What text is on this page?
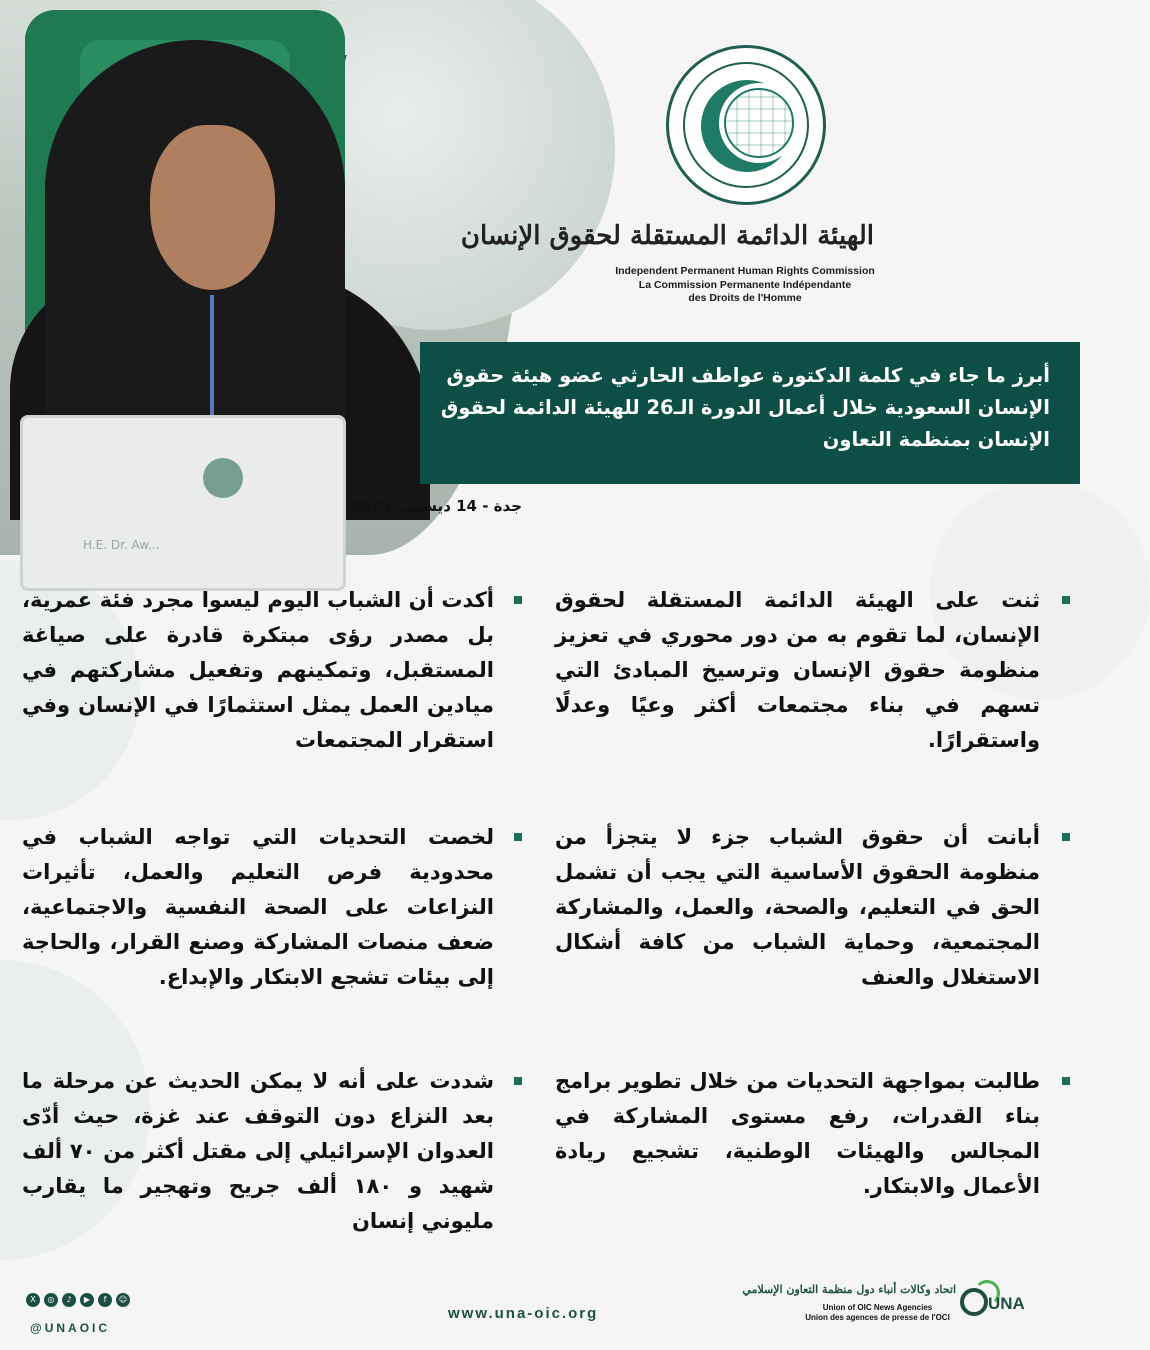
H.E. Dr. Aw...
الهيئة الدائمة المستقلة لحقوق الإنسان
Independent Permanent Human Rights Commission
La Commission Permanente Indépendante
des Droits de l'Homme
أبرز ما جاء في كلمة الدكتورة عواطف الحارثي عضو هيئة حقوق الإنسان السعودية خلال أعمال الدورة الـ26 للهيئة الدائمة لحقوق الإنسان بمنظمة التعاون
جدة - 14 ديسمبر 2025
ثنت على الهيئة الدائمة المستقلة لحقوق الإنسان، لما تقوم به من دور محوري في تعزيز منظومة حقوق الإنسان وترسيخ المبادئ التي تسهم في بناء مجتمعات أكثر وعيًا وعدلًا واستقرارًا.
أبانت أن حقوق الشباب جزء لا يتجزأ من منظومة الحقوق الأساسية التي يجب أن تشمل الحق في التعليم، والصحة، والعمل، والمشاركة المجتمعية، وحماية الشباب من كافة أشكال الاستغلال والعنف
طالبت بمواجهة التحديات من خلال تطوير برامج بناء القدرات، رفع مستوى المشاركة في المجالس والهيئات الوطنية، تشجيع ريادة الأعمال والابتكار.
أكدت أن الشباب اليوم ليسوا مجرد فئة عمرية، بل مصدر رؤى مبتكرة قادرة على صياغة المستقبل، وتمكينهم وتفعيل مشاركتهم في ميادين العمل يمثل استثمارًا في الإنسان وفي استقرار المجتمعات
لخصت التحديات التي تواجه الشباب في محدودية فرص التعليم والعمل، تأثيرات النزاعات على الصحة النفسية والاجتماعية، ضعف منصات المشاركة وصنع القرار، والحاجة إلى بيئات تشجع الابتكار والإبداع.
شددت على أنه لا يمكن الحديث عن مرحلة ما بعد النزاع دون التوقف عند غزة، حيث أدّى العدوان الإسرائيلي إلى مقتل أكثر من ٧٠ ألف شهيد و ١٨٠ ألف جريح وتهجير ما يقارب مليوني إنسان
X	◎	♪	▶	f	☺
@UNAOIC
www.una-oic.org
اتحاد وكالات أنباء دول منظمة التعاون الإسلامي
Union of OIC News Agencies
Union des agences de presse de l'OCI
UNA
